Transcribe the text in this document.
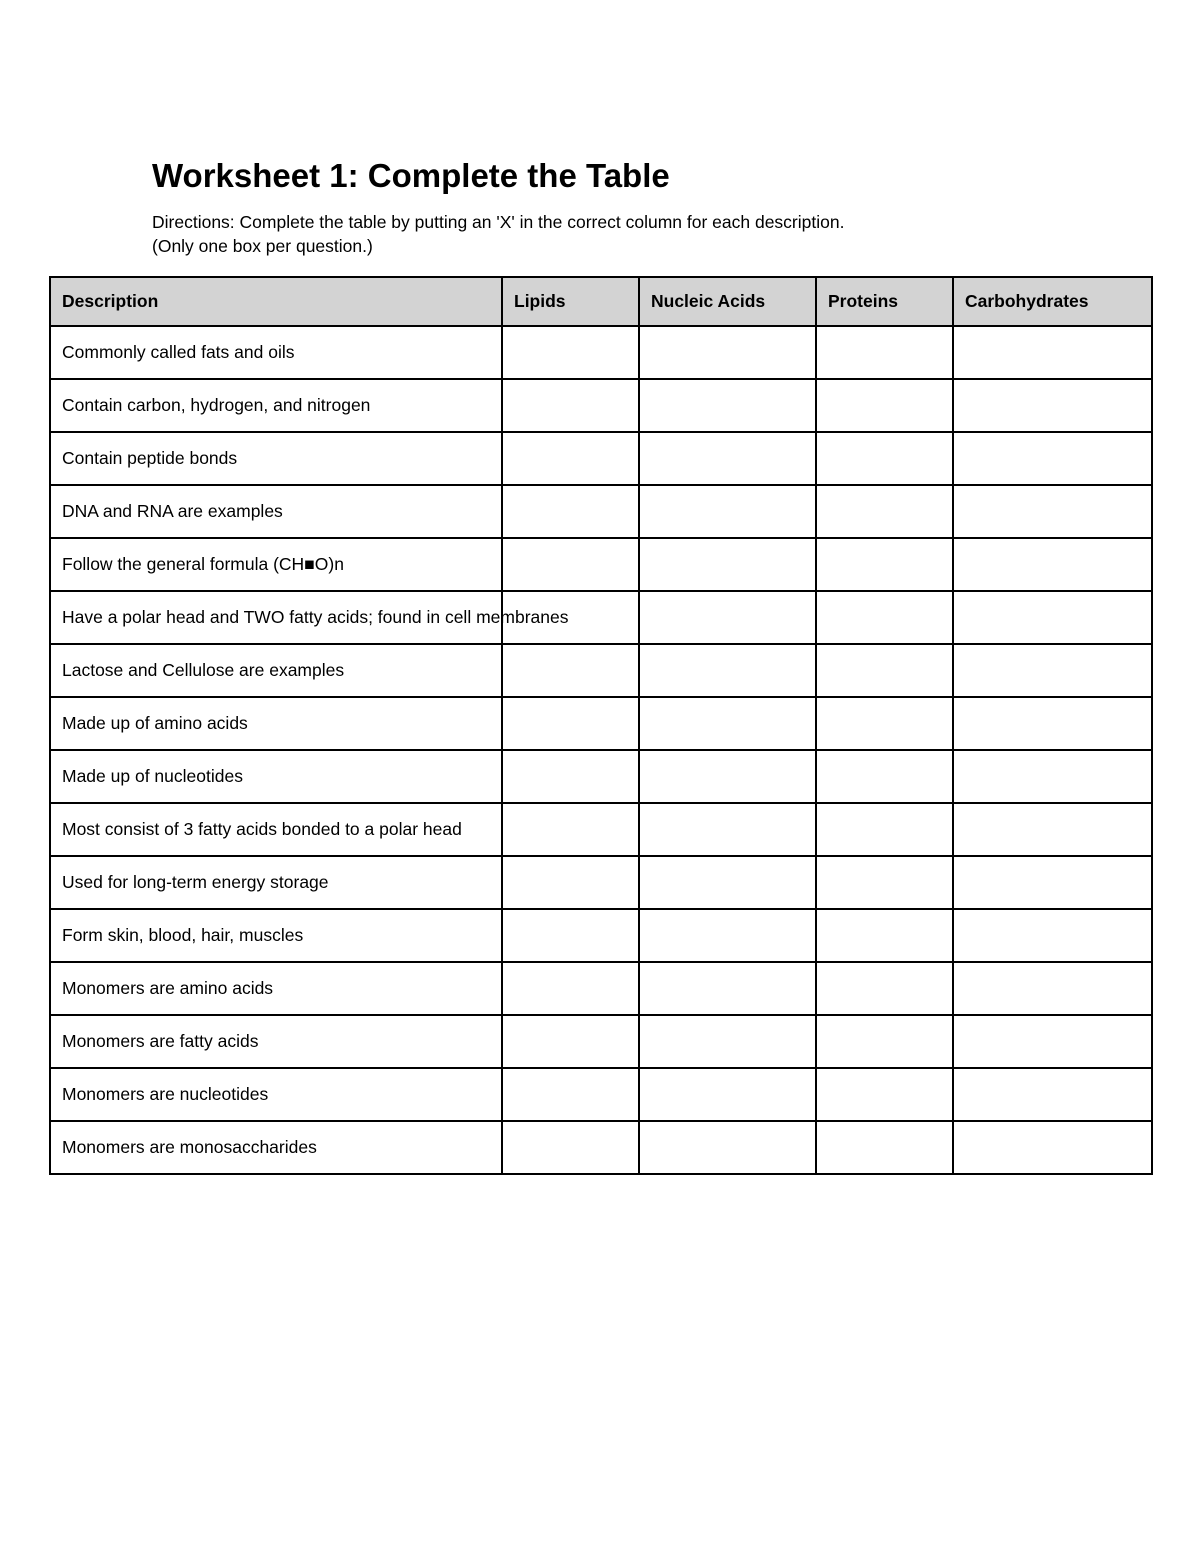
Worksheet 1: Complete the Table
Directions: Complete the table by putting an 'X' in the correct column for each description.
(Only one box per question.)
Description	Lipids	Nucleic Acids	Proteins	Carbohydrates
Commonly called fats and oils				
Contain carbon, hydrogen, and nitrogen				
Contain peptide bonds				
DNA and RNA are examples				
Follow the general formula (CH■O)n				
Have a polar head and TWO fatty acids; found in cell membranes				
Lactose and Cellulose are examples				
Made up of amino acids				
Made up of nucleotides				
Most consist of 3 fatty acids bonded to a polar head				
Used for long-term energy storage				
Form skin, blood, hair, muscles				
Monomers are amino acids				
Monomers are fatty acids				
Monomers are nucleotides				
Monomers are monosaccharides				
